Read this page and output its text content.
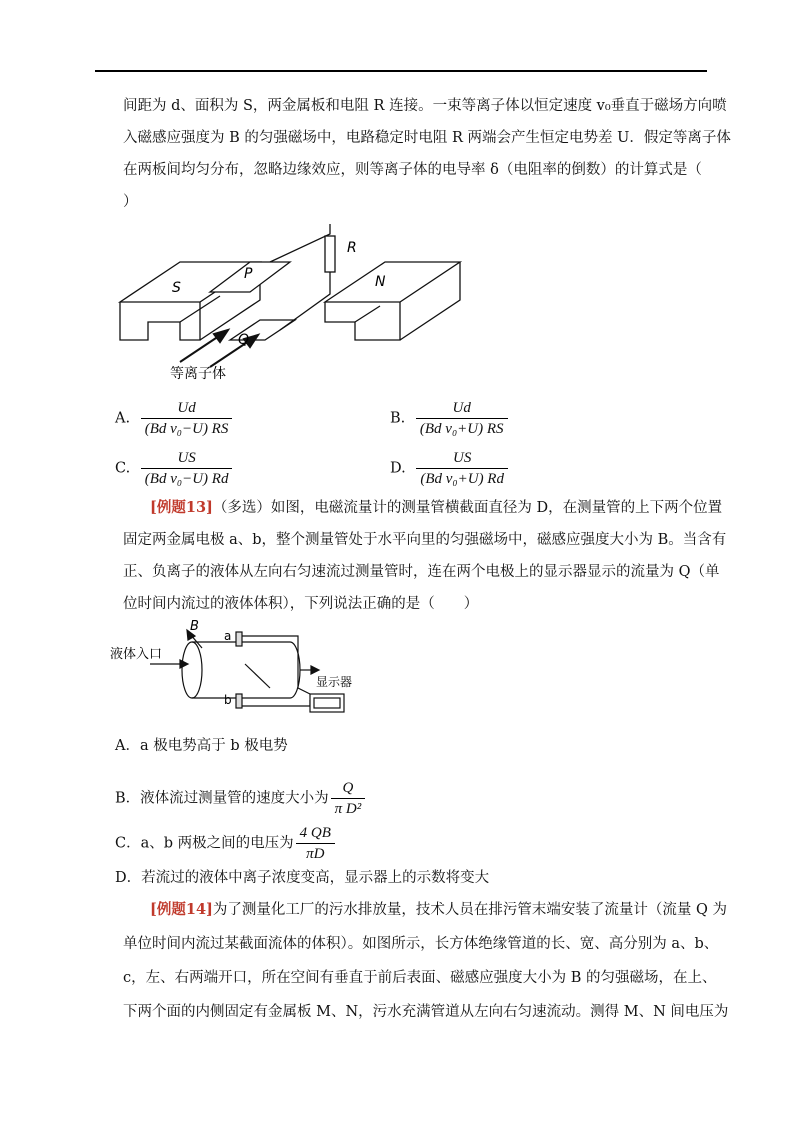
间距为 d、面积为 S，两金属板和电阻 R 连接。一束等离子体以恒定速度 v₀垂直于磁场方向喷
入磁感应强度为 B 的匀强磁场中，电路稳定时电阻 R 两端会产生恒定电势差 U．假定等离子体
在两板间均匀分布，忽略边缘效应，则等离子体的电导率 δ（电阻率的倒数）的计算式是（
）
S
P
Q
R
N
等离子体
A. $\frac{Ud}{\text{(Bd v₀−U) RS}}$	B. $\frac{Ud}{\text{(Bd v₀+U) RS}}$
C. $\frac{US}{\text{(Bd v₀−U) Rd}}$	D. $\frac{US}{\text{(Bd v₀+U) Rd}}$
[例题13]（多选）如图，电磁流量计的测量管横截面直径为 D，在测量管的上下两个位置
固定两金属电极 a、b，整个测量管处于水平向里的匀强磁场中，磁感应强度大小为 B。当含有
正、负离子的液体从左向右匀速流过测量管时，连在两个电极上的显示器显示的流量为 Q（单
位时间内流过的液体体积），下列说法正确的是（　　）
液体入口
B
a
b
显示器
A．a 极电势高于 b 极电势
B．液体流过测量管的速度大小为 $\frac{Q}{\text{π D²}}$
C．a、b 两极之间的电压为 $\frac{4 QB}{\pi D}$
D．若流过的液体中离子浓度变高，显示器上的示数将变大
[例题14]为了测量化工厂的污水排放量，技术人员在排污管末端安装了流量计（流量 Q 为
单位时间内流过某截面流体的体积）。如图所示，长方体绝缘管道的长、宽、高分别为 a、b、
c，左、右两端开口，所在空间有垂直于前后表面、磁感应强度大小为 B 的匀强磁场，在上、
下两个面的内侧固定有金属板 M、N，污水充满管道从左向右匀速流动。测得 M、N 间电压为
